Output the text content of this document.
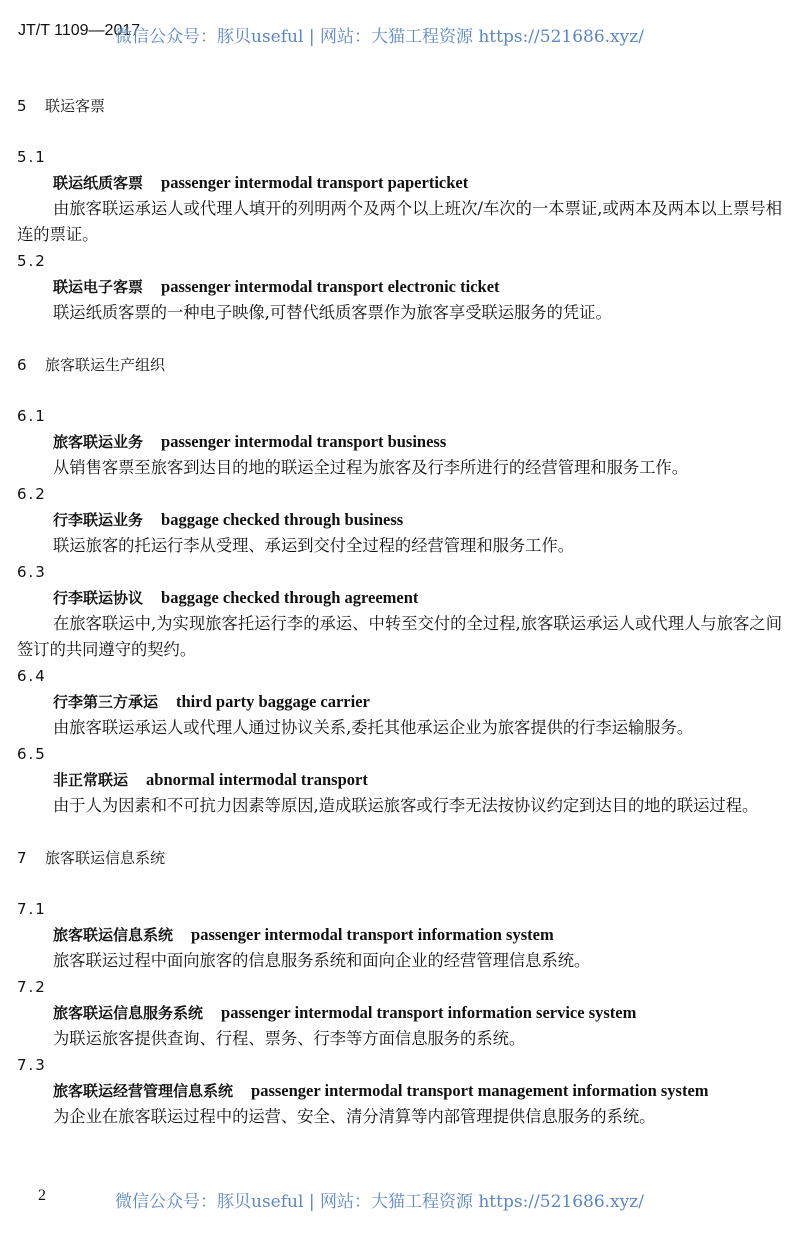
JT/T 1109—2017
微信公众号：豚贝useful | 网站：大猫工程资源 https://521686.xyz/
5 联运客票
5.1
联运纸质客票 passenger intermodal transport paperticket
由旅客联运承运人或代理人填开的列明两个及两个以上班次/车次的一本票证,或两本及两本以上票号相连的票证。
5.2
联运电子客票 passenger intermodal transport electronic ticket
联运纸质客票的一种电子映像,可替代纸质客票作为旅客享受联运服务的凭证。
6 旅客联运生产组织
6.1
旅客联运业务 passenger intermodal transport business
从销售客票至旅客到达目的地的联运全过程为旅客及行李所进行的经营管理和服务工作。
6.2
行李联运业务 baggage checked through business
联运旅客的托运行李从受理、承运到交付全过程的经营管理和服务工作。
6.3
行李联运协议 baggage checked through agreement
在旅客联运中,为实现旅客托运行李的承运、中转至交付的全过程,旅客联运承运人或代理人与旅客之间签订的共同遵守的契约。
6.4
行李第三方承运 third party baggage carrier
由旅客联运承运人或代理人通过协议关系,委托其他承运企业为旅客提供的行李运输服务。
6.5
非正常联运 abnormal intermodal transport
由于人为因素和不可抗力因素等原因,造成联运旅客或行李无法按协议约定到达目的地的联运过程。
7 旅客联运信息系统
7.1
旅客联运信息系统 passenger intermodal transport information system
旅客联运过程中面向旅客的信息服务系统和面向企业的经营管理信息系统。
7.2
旅客联运信息服务系统 passenger intermodal transport information service system
为联运旅客提供查询、行程、票务、行李等方面信息服务的系统。
7.3
旅客联运经营管理信息系统 passenger intermodal transport management information system
为企业在旅客联运过程中的运营、安全、清分清算等内部管理提供信息服务的系统。
2	微信公众号：豚贝useful | 网站：大猫工程资源 https://521686.xyz/
